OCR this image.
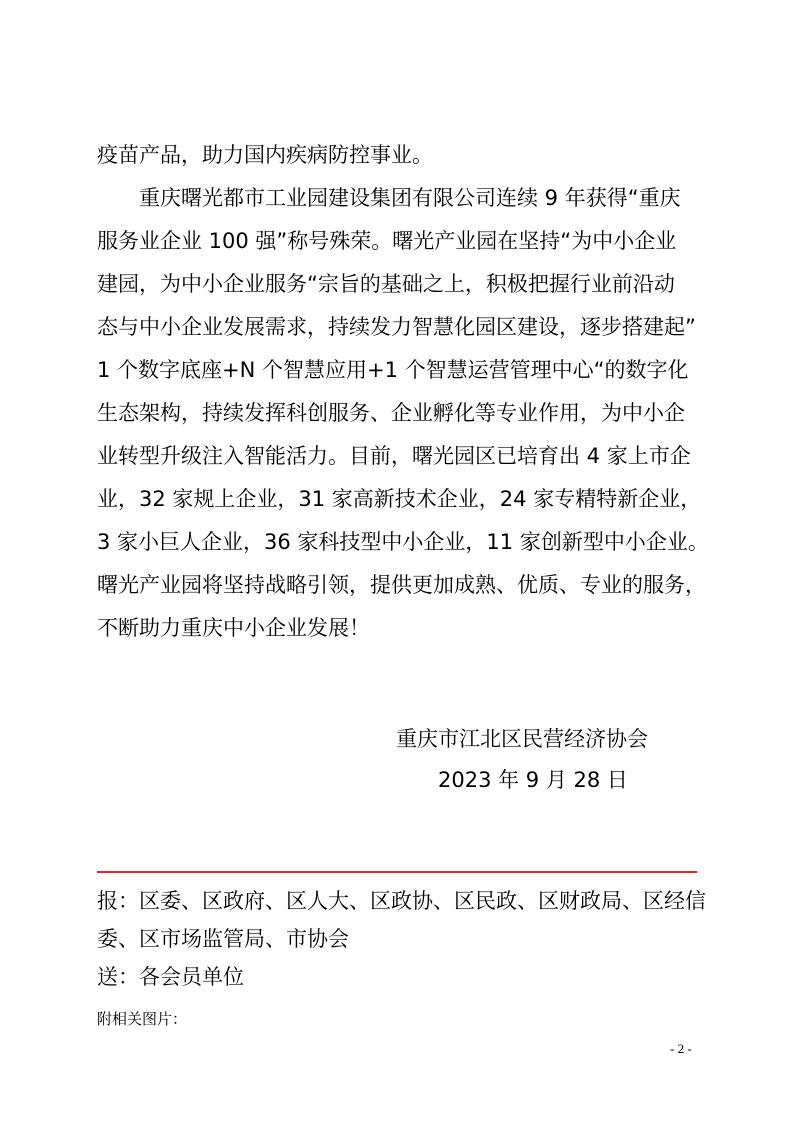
疫苗产品，助力国内疾病防控事业。
　　重庆曙光都市工业园建设集团有限公司连续 9 年获得“重庆
服务业企业 100 强”称号殊荣。曙光产业园在坚持“为中小企业
建园，为中小企业服务“宗旨的基础之上，积极把握行业前沿动
态与中小企业发展需求，持续发力智慧化园区建设，逐步搭建起”
1 个数字底座+N 个智慧应用+1 个智慧运营管理中心“的数字化
生态架构，持续发挥科创服务、企业孵化等专业作用，为中小企
业转型升级注入智能活力。目前，曙光园区已培育出 4 家上市企
业，32 家规上企业，31 家高新技术企业，24 家专精特新企业，
3 家小巨人企业，36 家科技型中小企业，11 家创新型中小企业。
曙光产业园将坚持战略引领，提供更加成熟、优质、专业的服务，
不断助力重庆中小企业发展！
重庆市江北区民营经济协会
2023 年 9 月 28 日
报：区委、区政府、区人大、区政协、区民政、区财政局、区经信
委、区市场监管局、市协会
送：各会员单位
附相关图片：
- 2 -
